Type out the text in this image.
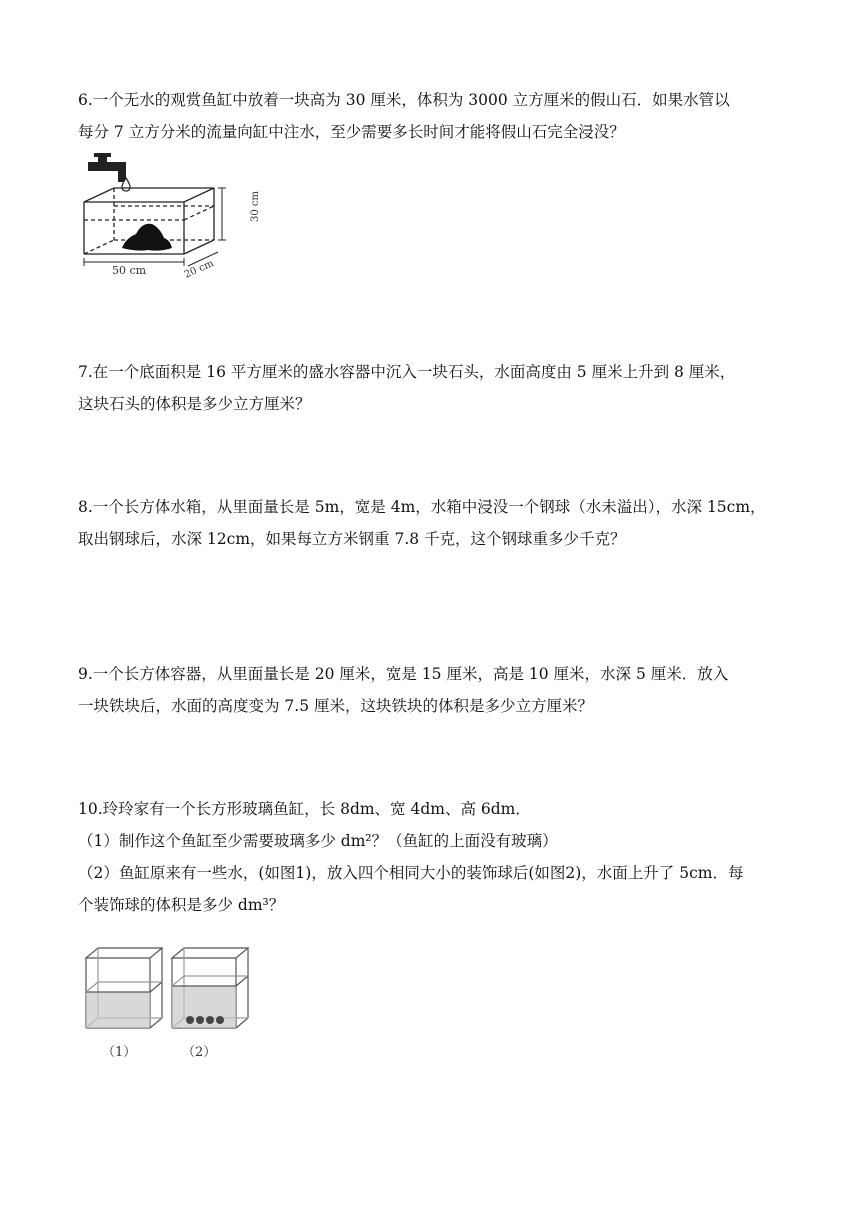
6.一个无水的观赏鱼缸中放着一块高为 30 厘米，体积为 3000 立方厘米的假山石．如果水管以
每分 7 立方分米的流量向缸中注水，至少需要多长时间才能将假山石完全浸没？
50 cm	20 cm
30 cm
7.在一个底面积是 16 平方厘米的盛水容器中沉入一块石头，水面高度由 5 厘米上升到 8 厘米，
这块石头的体积是多少立方厘米？
8.一个长方体水箱，从里面量长是 5m，宽是 4m，水箱中浸没一个钢球（水未溢出），水深 15cm，
取出钢球后，水深 12cm，如果每立方米钢重 7.8 千克，这个钢球重多少千克？
9.一个长方体容器，从里面量长是 20 厘米，宽是 15 厘米，高是 10 厘米，水深 5 厘米．放入
一块铁块后，水面的高度变为 7.5 厘米，这块铁块的体积是多少立方厘米？
10.玲玲家有一个长方形玻璃鱼缸，长 8dm、宽 4dm、高 6dm．
（1）制作这个鱼缸至少需要玻璃多少 dm²？（鱼缸的上面没有玻璃）
（2）鱼缸原来有一些水，(如图1)，放入四个相同大小的装饰球后(如图2)，水面上升了 5cm．每
个装饰球的体积是多少 dm³？
（1）	（2）
